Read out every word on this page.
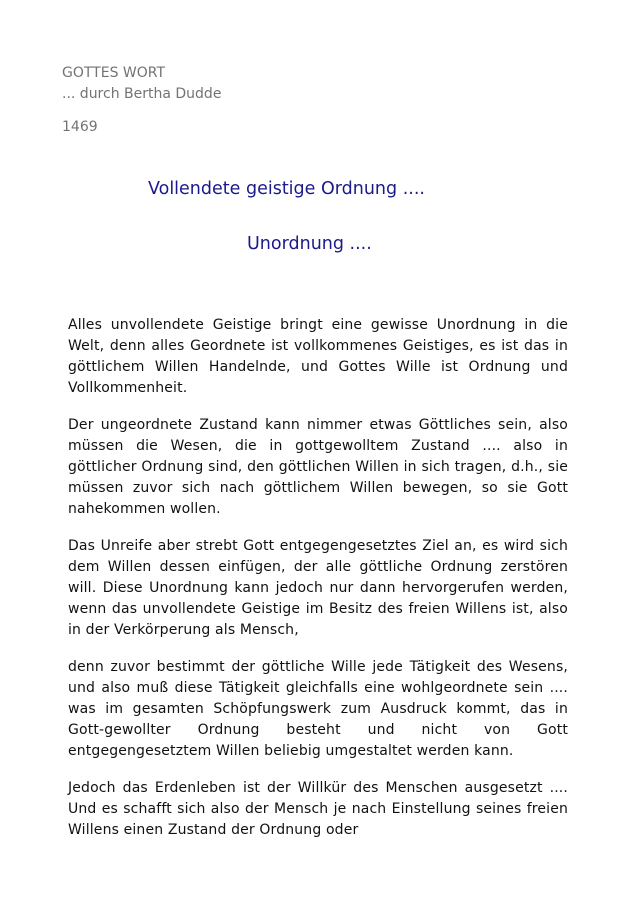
GOTTES WORT
... durch Bertha Dudde
1469
Vollendete geistige Ordnung ....
Unordnung ....

Alles unvollendete Geistige bringt eine gewisse Unordnung in die Welt, denn alles Geordnete ist vollkommenes Geistiges, es ist das in göttlichem Willen Handelnde, und Gottes Wille ist Ordnung und Vollkommenheit.

Der ungeordnete Zustand kann nimmer etwas Göttliches sein, also müssen die Wesen, die in gottgewolltem Zustand .... also in göttlicher Ordnung sind, den göttlichen Willen in sich tragen, d.h., sie müssen zuvor sich nach göttlichem Willen bewegen, so sie Gott nahekommen wollen.

Das Unreife aber strebt Gott entgegengesetztes Ziel an, es wird sich dem Willen dessen einfügen, der alle göttliche Ordnung zerstören will. Diese Unordnung kann jedoch nur dann hervorgerufen werden, wenn das unvollendete Geistige im Besitz des freien Willens ist, also in der Verkörperung als Mensch,

denn zuvor bestimmt der göttliche Wille jede Tätigkeit des Wesens, und also muß diese Tätigkeit gleichfalls eine wohlgeordnete sein .... was im gesamten Schöpfungswerk zum Ausdruck kommt, das in Gott-gewollter Ordnung besteht und nicht von Gott entgegengesetztem Willen beliebig umgestaltet werden kann.

Jedoch das Erdenleben ist der Willkür des Menschen ausgesetzt .... Und es schafft sich also der Mensch je nach Einstellung seines freien Willens einen Zustand der Ordnung oder
